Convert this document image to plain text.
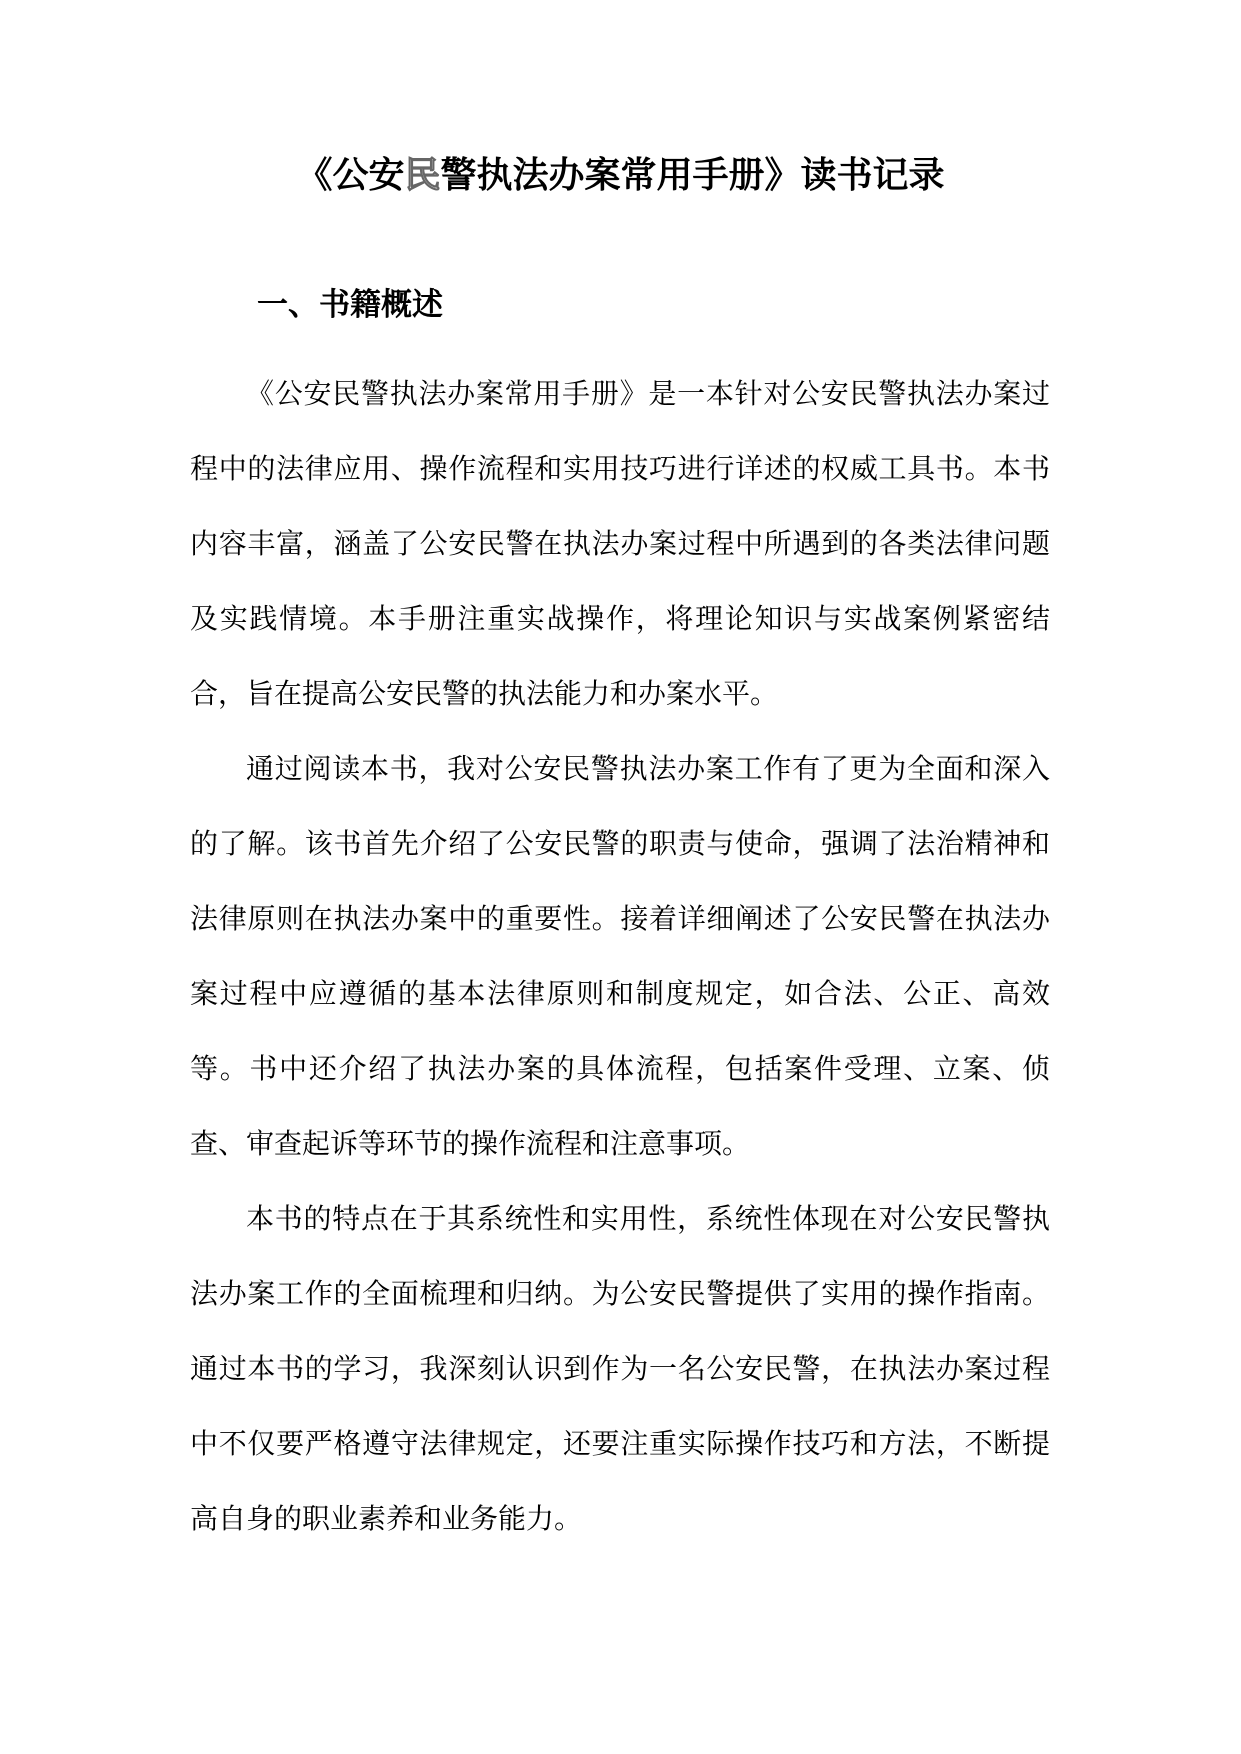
《公安民警执法办案常用手册》读书记录
一、书籍概述

《公安民警执法办案常用手册》是一本针对公安民警执法办案过程中的法律应用、操作流程和实用技巧进行详述的权威工具书。本书内容丰富，涵盖了公安民警在执法办案过程中所遇到的各类法律问题及实践情境。本手册注重实战操作，将理论知识与实战案例紧密结合，旨在提高公安民警的执法能力和办案水平。

通过阅读本书，我对公安民警执法办案工作有了更为全面和深入的了解。该书首先介绍了公安民警的职责与使命，强调了法治精神和法律原则在执法办案中的重要性。接着详细阐述了公安民警在执法办案过程中应遵循的基本法律原则和制度规定，如合法、公正、高效等。书中还介绍了执法办案的具体流程，包括案件受理、立案、侦查、审查起诉等环节的操作流程和注意事项。

本书的特点在于其系统性和实用性，系统性体现在对公安民警执法办案工作的全面梳理和归纳。为公安民警提供了实用的操作指南。通过本书的学习，我深刻认识到作为一名公安民警，在执法办案过程中不仅要严格遵守法律规定，还要注重实际操作技巧和方法，不断提高自身的职业素养和业务能力。
